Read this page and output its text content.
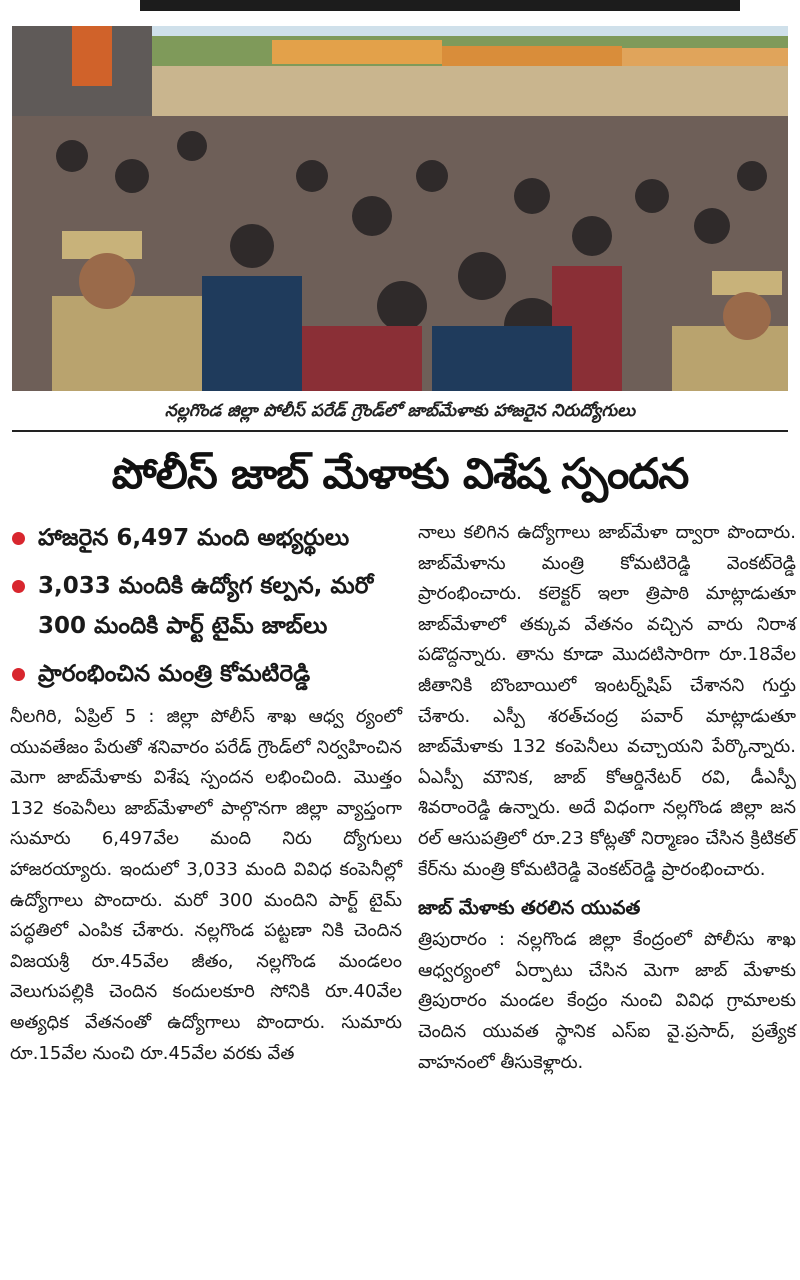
నల్లగొండ జిల్లా పోలీస్ పరేడ్ గ్రౌండ్‌లో జాబ్‌మేళాకు హాజరైన నిరుద్యోగులు
పోలీస్ జాబ్ మేళాకు విశేష స్పందన
హాజరైన 6,497 మంది అభ్యర్థులు
3,033 మందికి ఉద్యోగ కల్పన, మరో 300 మందికి పార్ట్ టైమ్ జాబ్‌లు
ప్రారంభించిన మంత్రి కోమటిరెడ్డి

నీలగిరి, ఏప్రిల్ 5 : జిల్లా పోలీస్ శాఖ ఆధ్వ ర్యంలో యువతేజం పేరుతో శనివారం పరేడ్ గ్రౌండ్‌లో నిర్వహించిన మెగా జాబ్‌మేళాకు విశేష స్పందన లభించింది. మొత్తం 132 కంపెనీలు జాబ్‌మేళాలో పాల్గొనగా జిల్లా వ్యాప్తంగా సుమారు 6,497వేల మంది నిరు ద్యోగులు హాజరయ్యారు. ఇందులో 3,033 మంది వివిధ కంపెనీల్లో ఉద్యోగాలు పొందారు. మరో 300 మందిని పార్ట్ టైమ్ పద్ధతిలో ఎంపిక చేశారు. నల్లగొండ పట్టణా నికి చెందిన విజయశ్రీ రూ.45వేల జీతం, నల్లగొండ మండలం వెలుగుపల్లికి చెందిన కందులకూరి సోనికి రూ.40వేల అత్యధిక వేతనంతో ఉద్యోగాలు పొందారు. సుమారు రూ.15వేల నుంచి రూ.45వేల వరకు వేత

నాలు కలిగిన ఉద్యోగాలు జాబ్‌మేళా ద్వారా పొందారు. జాబ్‌మేళాను మంత్రి కోమటిరెడ్డి వెంకట్‌రెడ్డి ప్రారంభించారు. కలెక్టర్ ఇలా త్రిపాఠి మాట్లాడుతూ జాబ్‌మేళాలో తక్కువ వేతనం వచ్చిన వారు నిరాశ పడొద్దన్నారు. తాను కూడా మొదటిసారిగా రూ.18వేల జీతానికి బొంబాయిలో ఇంటర్న్‌షిప్ చేశానని గుర్తు చేశారు. ఎస్పీ శరత్‌చంద్ర పవార్ మాట్లాడుతూ జాబ్‌మేళాకు 132 కంపెనీలు వచ్చాయని పేర్కొన్నారు. ఏఎస్పీ మౌనిక, జాబ్ కోఆర్డినేటర్ రవి, డీఎస్పీ శివరాంరెడ్డి ఉన్నారు. అదే విధంగా నల్లగొండ జిల్లా జన రల్ ఆసుపత్రిలో రూ.23 కోట్లతో నిర్మాణం చేసిన క్రిటికల్ కేర్‌ను మంత్రి కోమటిరెడ్డి వెంకట్‌రెడ్డి ప్రారంభించారు.

జాబ్ మేళాకు తరలిన యువత

త్రిపురారం : నల్లగొండ జిల్లా కేంద్రంలో పోలీసు శాఖ ఆధ్వర్యంలో ఏర్పాటు చేసిన మెగా జాబ్ మేళాకు త్రిపురారం మండల కేంద్రం నుంచి వివిధ గ్రామాలకు చెందిన యువత స్థానిక ఎస్ఐ వై.ప్రసాద్, ప్రత్యేక వాహనంలో తీసుకెళ్లారు.
